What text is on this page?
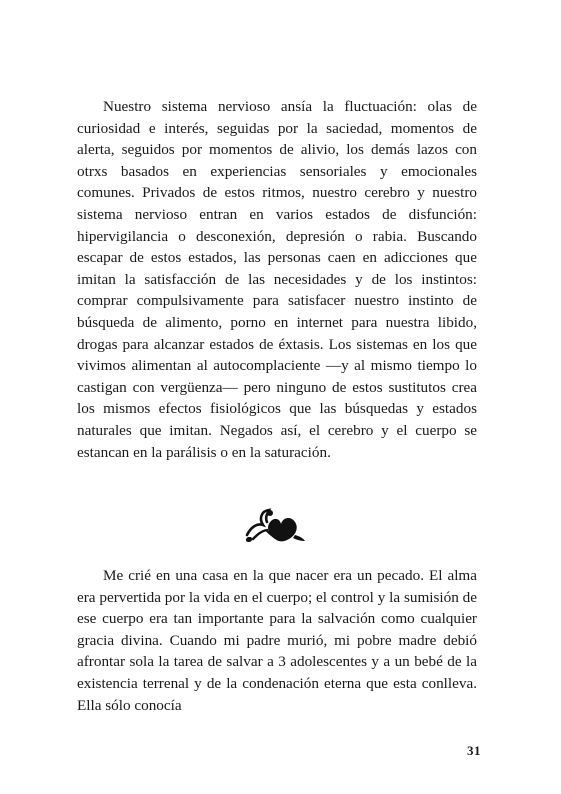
Nuestro sistema nervioso ansía la fluctuación: olas de curiosidad e interés, seguidas por la saciedad, momentos de alerta, seguidos por momentos de alivio, los demás lazos con otrxs basados en experiencias sensoriales y emocionales comunes. Privados de estos ritmos, nuestro cerebro y nuestro sistema nervioso entran en varios estados de disfunción: hipervigilancia o desconexión, depresión o rabia. Buscando escapar de estos estados, las personas caen en adicciones que imitan la satisfacción de las necesidades y de los instintos: comprar compulsivamente para satisfacer nuestro instinto de búsqueda de alimento, porno en internet para nuestra libido, drogas para alcanzar estados de éxtasis. Los sistemas en los que vivimos alimentan al autocomplaciente —y al mismo tiempo lo castigan con vergüenza— pero ninguno de estos sustitutos crea los mismos efectos fisiológicos que las búsquedas y estados naturales que imitan. Negados así, el cerebro y el cuerpo se estancan en la parálisis o en la saturación.

Me crié en una casa en la que nacer era un pecado. El alma era pervertida por la vida en el cuerpo; el control y la sumisión de ese cuerpo era tan importante para la salvación como cualquier gracia divina. Cuando mi padre murió, mi pobre madre debió afrontar sola la tarea de salvar a 3 adolescentes y a un bebé de la existencia terrenal y de la condenación eterna que esta conlleva. Ella sólo conocía

31
